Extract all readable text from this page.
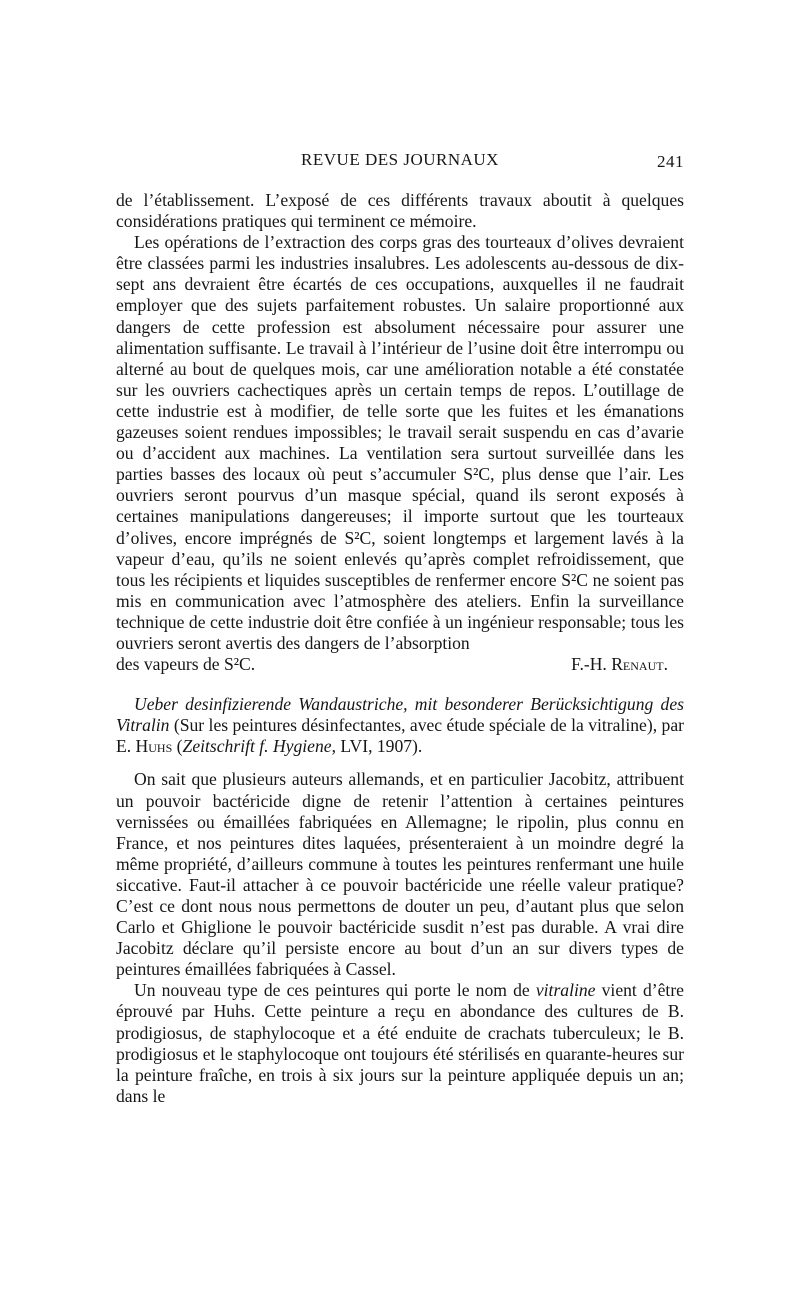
REVUE DES JOURNAUX	241

de l’établissement. L’exposé de ces différents travaux aboutit à quelques considérations pratiques qui terminent ce mémoire.

Les opérations de l’extraction des corps gras des tourteaux d’olives devraient être classées parmi les industries insalubres. Les adolescents au-dessous de dix-sept ans devraient être écartés de ces occupations, auxquelles il ne faudrait employer que des sujets parfaitement robustes. Un salaire proportionné aux dangers de cette profession est absolument nécessaire pour assurer une alimentation suffisante. Le travail à l’intérieur de l’usine doit être interrompu ou alterné au bout de quelques mois, car une amélioration notable a été constatée sur les ouvriers cachectiques après un certain temps de repos. L’outillage de cette industrie est à modifier, de telle sorte que les fuites et les émanations gazeuses soient rendues impossibles; le travail serait suspendu en cas d’avarie ou d’accident aux machines. La ventilation sera surtout surveillée dans les parties basses des locaux où peut s’accumuler S²C, plus dense que l’air. Les ouvriers seront pourvus d’un masque spécial, quand ils seront exposés à certaines manipulations dangereuses; il importe surtout que les tourteaux d’olives, encore imprégnés de S²C, soient longtemps et largement lavés à la vapeur d’eau, qu’ils ne soient enlevés qu’après complet refroidissement, que tous les récipients et liquides susceptibles de renfermer encore S²C ne soient pas mis en communication avec l’atmosphère des ateliers. Enfin la surveillance technique de cette industrie doit être confiée à un ingénieur responsable; tous les ouvriers seront avertis des dangers de l’absorption

des vapeurs de S²C.	F.-H. Renaut.

Ueber desinfizierende Wandaustriche, mit besonderer Berücksichtigung des Vitralin (Sur les peintures désinfectantes, avec étude spéciale de la vitraline), par E. Huhs (Zeitschrift f. Hygiene, LVI, 1907).

On sait que plusieurs auteurs allemands, et en particulier Jacobitz, attribuent un pouvoir bactéricide digne de retenir l’attention à certaines peintures vernissées ou émaillées fabriquées en Allemagne; le ripolin, plus connu en France, et nos peintures dites laquées, présenteraient à un moindre degré la même propriété, d’ailleurs commune à toutes les peintures renfermant une huile siccative. Faut-il attacher à ce pouvoir bactéricide une réelle valeur pratique? C’est ce dont nous nous permettons de douter un peu, d’autant plus que selon Carlo et Ghiglione le pouvoir bactéricide susdit n’est pas durable. A vrai dire Jacobitz déclare qu’il persiste encore au bout d’un an sur divers types de peintures émaillées fabriquées à Cassel.

Un nouveau type de ces peintures qui porte le nom de vitraline vient d’être éprouvé par Huhs. Cette peinture a reçu en abondance des cultures de B. prodigiosus, de staphylocoque et a été enduite de crachats tuberculeux; le B. prodigiosus et le staphylocoque ont toujours été stérilisés en quarante-heures sur la peinture fraîche, en trois à six jours sur la peinture appliquée depuis un an; dans le
